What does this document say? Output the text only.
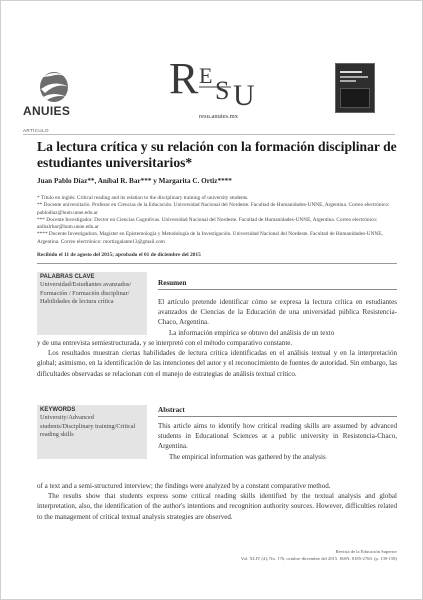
ANUIES
ARTÍCULO
R E
S U
resu.anuies.mx
La lectura crítica y su relación con la formación disciplinar de estudiantes universitarios*
Juan Pablo Díaz**, Aníbal R. Bar*** y Margarita C. Ortiz****

* Título en inglés: Critical reading and its relation to the disciplinary training of university students.

** Docente universitario. Profesor en Ciencias de la Educación. Universidad Nacional del Nordeste. Facultad de Humanidades-UNNE, Argentina. Correo electrónico: pablodiaz@hum.unne.edu.ar

*** Docente Investigador. Doctor en Ciencias Cognitivas. Universidad Nacional del Nordeste. Facultad de Humanidades-UNNE, Argentina. Correo electrónico: anibalrbar@hum.unne.edu.ar

**** Docente Investigadora. Magister en Epistemología y Metodología de la Investigación. Universidad Nacional del Nordeste. Facultad de Humanidades-UNNE, Argentina. Correo electrónico: mortizgalante13@gmail.com

Recibido el 11 de agosto del 2015; aprobado el 01 de diciembre del 2015
PALABRAS CLAVE
Universidad/Estudiantes avanzados/ Formación / Formación disciplinar/ Habilidades de lectura crítica
Resumen

El artículo pretende identificar cómo se expresa la lectura crítica en estudiantes avanzados de Ciencias de la Educación de una universidad pública Resistencia-Chaco, Argentina.

La información empírica se obtuvo del análisis de un texto

y de una entrevista semiestructurada, y se interpretó con el método comparativo constante.

Los resultados muestran ciertas habilidades de lectura crítica identificadas en el análisis textual y en la interpretación global; asimismo, en la identificación de las intenciones del autor y el reconocimiento de fuentes de autoridad. Sin embargo, las dificultades observadas se relacionan con el manejo de estrategias de análisis textual crítico.

KEYWORDS
University/Advanced students/Disciplinary training/Critical reading skills
Abstract

This article aims to identify how critical reading skills are assumed by advanced students in Educational Sciences at a public university in Resistencia-Chaco, Argentina.

The empirical information was gathered by the analysis

of a text and a semi-structured interview; the findings were analyzed by a constant comparative method.

The results show that students express some critical reading skills identified by the textual analysis and global interpretation, also, the identification of the author's intentions and recognition authority sources. However, difficulties related to the management of critical textual analysis strategies are observed.

Revista de la Educación Superior
Vol. XLIV (4); No. 176, octubre-diciembre del 2015. ISSN: 0185-2760. (p. 139-158)
